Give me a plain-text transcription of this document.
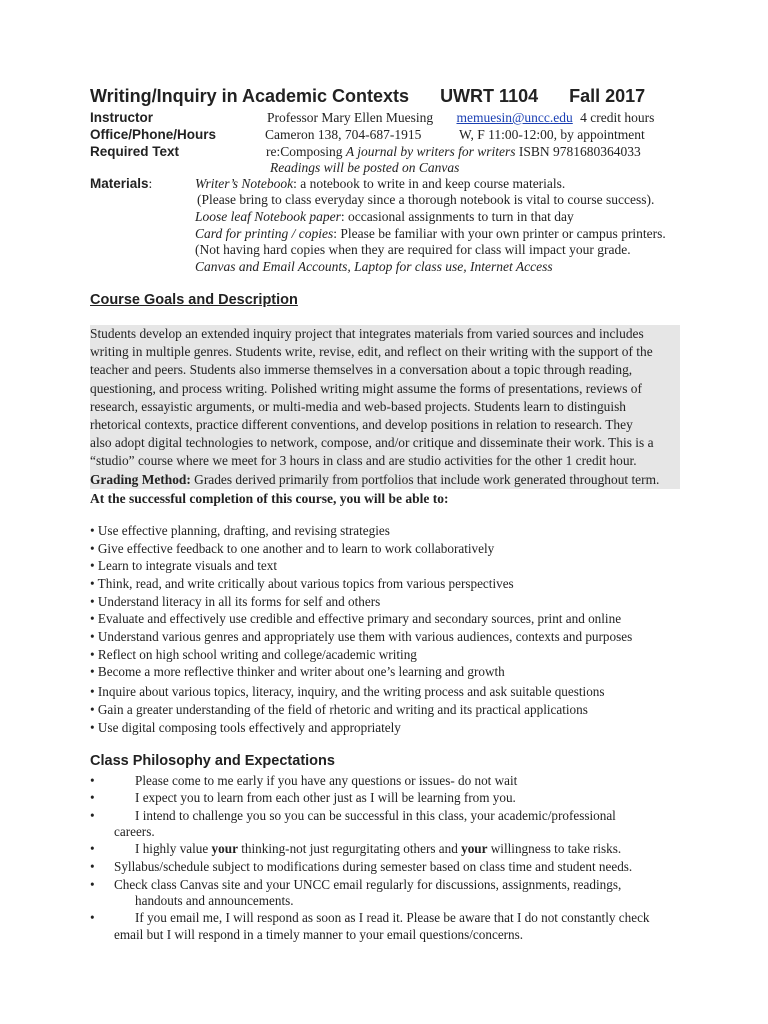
Writing/Inquiry in Academic Contexts UWRT 1104 Fall 2017
Instructor	Professor Mary Ellen Muesing memuesin@uncc.edu 4 credit hours
Office/Phone/Hours	Cameron 138, 704-687-1915	W, F 11:00-12:00, by appointment
Required Text	re:Composing A journal by writers for writers ISBN 9781680364033
Readings will be posted on Canvas
Materials:	Writer’s Notebook: a notebook to write in and keep course materials.
(Please bring to class everyday since a thorough notebook is vital to course success).
Loose leaf Notebook paper: occasional assignments to turn in that day
Card for printing / copies: Please be familiar with your own printer or campus printers.
(Not having hard copies when they are required for class will impact your grade.
Canvas and Email Accounts, Laptop for class use, Internet Access
Course Goals and Description
Students develop an extended inquiry project that integrates materials from varied sources and includes
writing in multiple genres. Students write, revise, edit, and reflect on their writing with the support of the
teacher and peers. Students also immerse themselves in a conversation about a topic through reading,
questioning, and process writing. Polished writing might assume the forms of presentations, reviews of
research, essayistic arguments, or multi-media and web-based projects. Students learn to distinguish
rhetorical contexts, practice different conventions, and develop positions in relation to research. They
also adopt digital technologies to network, compose, and/or critique and disseminate their work. This is a
“studio” course where we meet for 3 hours in class and are studio activities for the other 1 credit hour.
Grading Method: Grades derived primarily from portfolios that include work generated throughout term.
At the successful completion of this course, you will be able to:
• Use effective planning, drafting, and revising strategies
• Give effective feedback to one another and to learn to work collaboratively
• Learn to integrate visuals and text
• Think, read, and write critically about various topics from various perspectives
• Understand literacy in all its forms for self and others
• Evaluate and effectively use credible and effective primary and secondary sources, print and online
• Understand various genres and appropriately use them with various audiences, contexts and purposes
• Reflect on high school writing and college/academic writing
• Become a more reflective thinker and writer about one’s learning and growth
• Inquire about various topics, literacy, inquiry, and the writing process and ask suitable questions
• Gain a greater understanding of the field of rhetoric and writing and its practical applications
• Use digital composing tools effectively and appropriately
Class Philosophy and Expectations
•	Please come to me early if you have any questions or issues- do not wait
•	I expect you to learn from each other just as I will be learning from you.
•	I intend to challenge you so you can be successful in this class, your academic/professional
careers.
•	I highly value your thinking-not just regurgitating others and your willingness to take risks.
• Syllabus/schedule subject to modifications during semester based on class time and student needs.
• Check class Canvas site and your UNCC email regularly for discussions, assignments, readings,
handouts and announcements.
•	If you email me, I will respond as soon as I read it. Please be aware that I do not constantly check
email but I will respond in a timely manner to your email questions/concerns.
